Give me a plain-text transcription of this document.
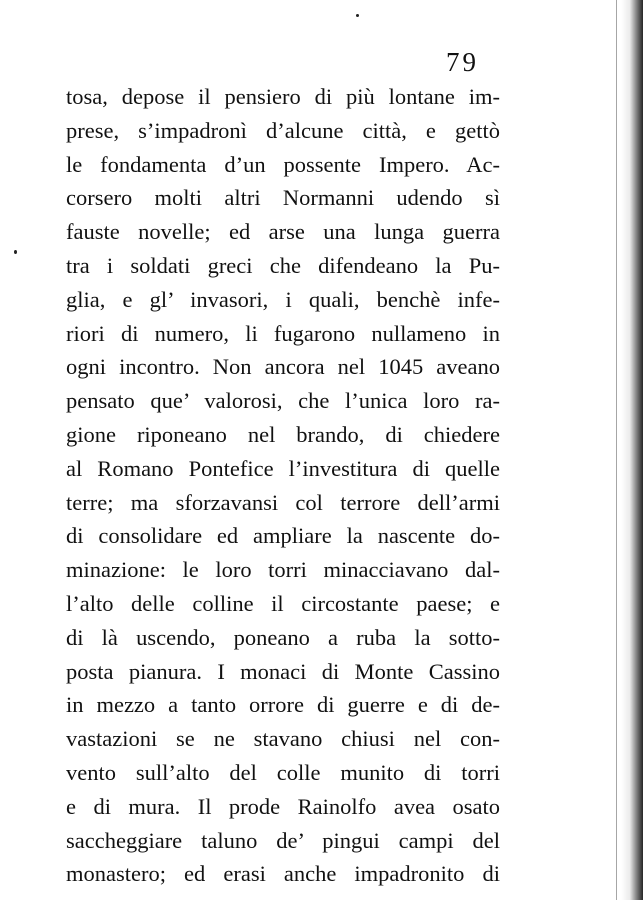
79
tosa, depose il pensiero di più lontane im-
prese, s’impadronì d’alcune città, e gettò
le fondamenta d’un possente Impero. Ac-
corsero molti altri Normanni udendo sì
fauste novelle; ed arse una lunga guerra
tra i soldati greci che difendeano la Pu-
glia, e gl’ invasori, i quali, benchè infe-
riori di numero, li fugarono nullameno in
ogni incontro. Non ancora nel 1045 aveano
pensato que’ valorosi, che l’unica loro ra-
gione riponeano nel brando, di chiedere
al Romano Pontefice l’investitura di quelle
terre; ma sforzavansi col terrore dell’armi
di consolidare ed ampliare la nascente do-
minazione: le loro torri minacciavano dal-
l’alto delle colline il circostante paese; e
di là uscendo, poneano a ruba la sotto-
posta pianura. I monaci di Monte Cassino
in mezzo a tanto orrore di guerre e di de-
vastazioni se ne stavano chiusi nel con-
vento sull’alto del colle munito di torri
e di mura. Il prode Rainolfo avea osato
saccheggiare taluno de’ pingui campi del
monastero; ed erasi anche impadronito di
